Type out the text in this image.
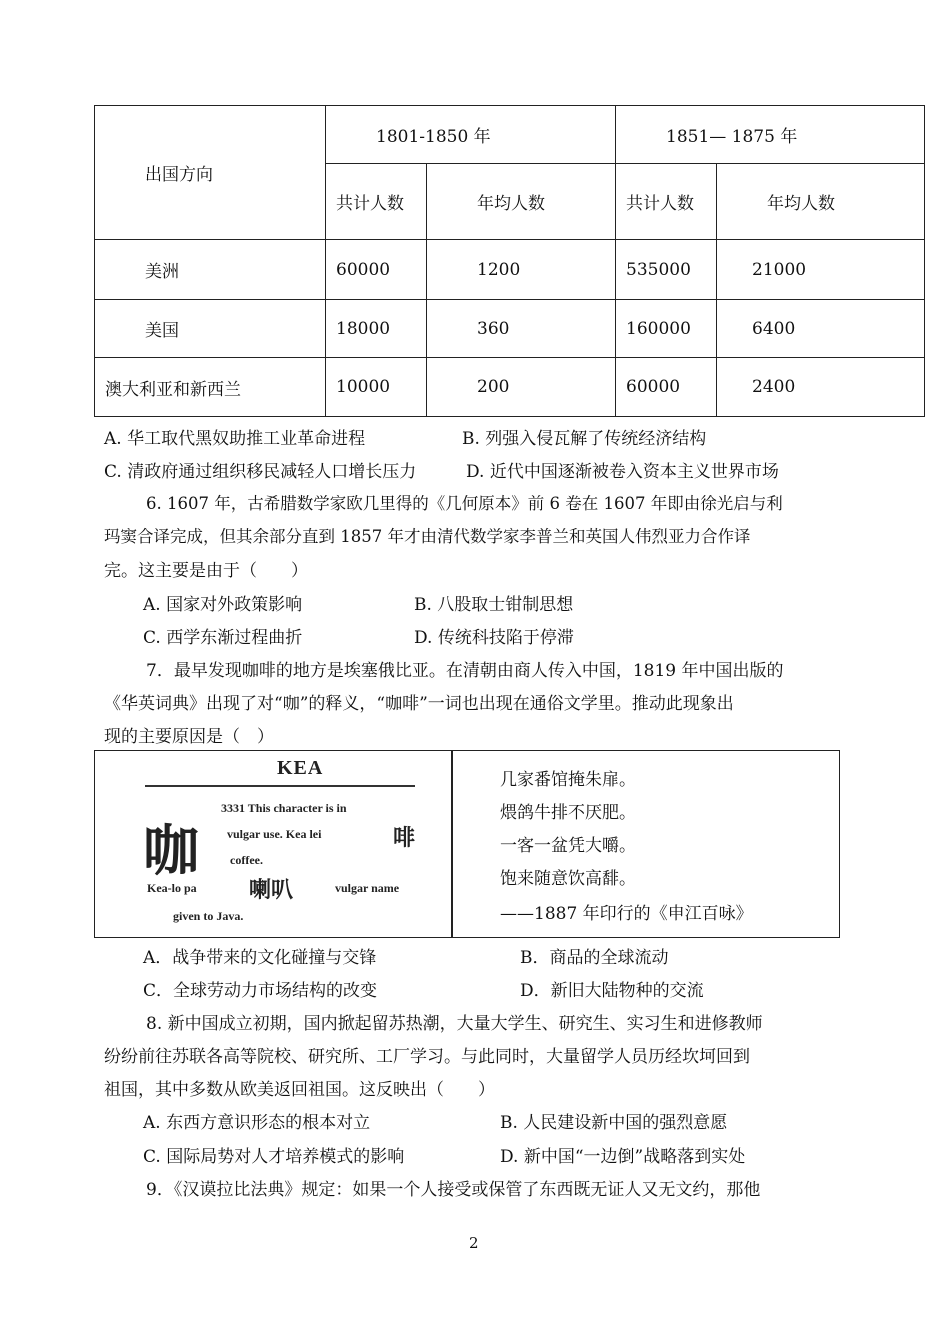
出国方向	1801-1850 年		1851— 1875 年	
	共计人数	年均人数	共计人数	年均人数
美洲	60000	1200	535000	21000
美国	18000	360	160000	6400
澳大利亚和新西兰	10000	200	60000	2400
A. 华工取代黑奴助推工业革命进程	B. 列强入侵瓦解了传统经济结构
C. 清政府通过组织移民减轻人口增长压力	D. 近代中国逐渐被卷入资本主义世界市场
6. 1607 年，古希腊数学家欧几里得的《几何原本》前 6 卷在 1607 年即由徐光启与利
玛窦合译完成，但其余部分直到 1857 年才由清代数学家李普兰和英国人伟烈亚力合作译
完。这主要是由于（　　）
A. 国家对外政策影响	B. 八股取士钳制思想
C. 西学东渐过程曲折	D. 传统科技陷于停滞
7．最早发现咖啡的地方是埃塞俄比亚。在清朝由商人传入中国，1819 年中国出版的
《华英词典》出现了对“咖”的释义，“咖啡”一词也出现在通俗文学里。推动此现象出
现的主要原因是（　）
KEA
咖
3331 This character is in
vulgar use. Kea lei	啡
coffee.
Kea-lo pa 喇叭	vulgar name
given to Java.
几家番馆掩朱扉。
煨鸽牛排不厌肥。
一客一盆凭大嚼。
饱来随意饮高馡。
——1887 年印行的《申江百咏》
A．战争带来的文化碰撞与交锋	B．商品的全球流动
C．全球劳动力市场结构的改变	D．新旧大陆物种的交流
8. 新中国成立初期，国内掀起留苏热潮，大量大学生、研究生、实习生和进修教师
纷纷前往苏联各高等院校、研究所、工厂学习。与此同时，大量留学人员历经坎坷回到
祖国，其中多数从欧美返回祖国。这反映出（　　）
A. 东西方意识形态的根本对立	B. 人民建设新中国的强烈意愿
C. 国际局势对人才培养模式的影响	D. 新中国“一边倒”战略落到实处
9．《汉谟拉比法典》规定：如果一个人接受或保管了东西既无证人又无文约，那他
2
